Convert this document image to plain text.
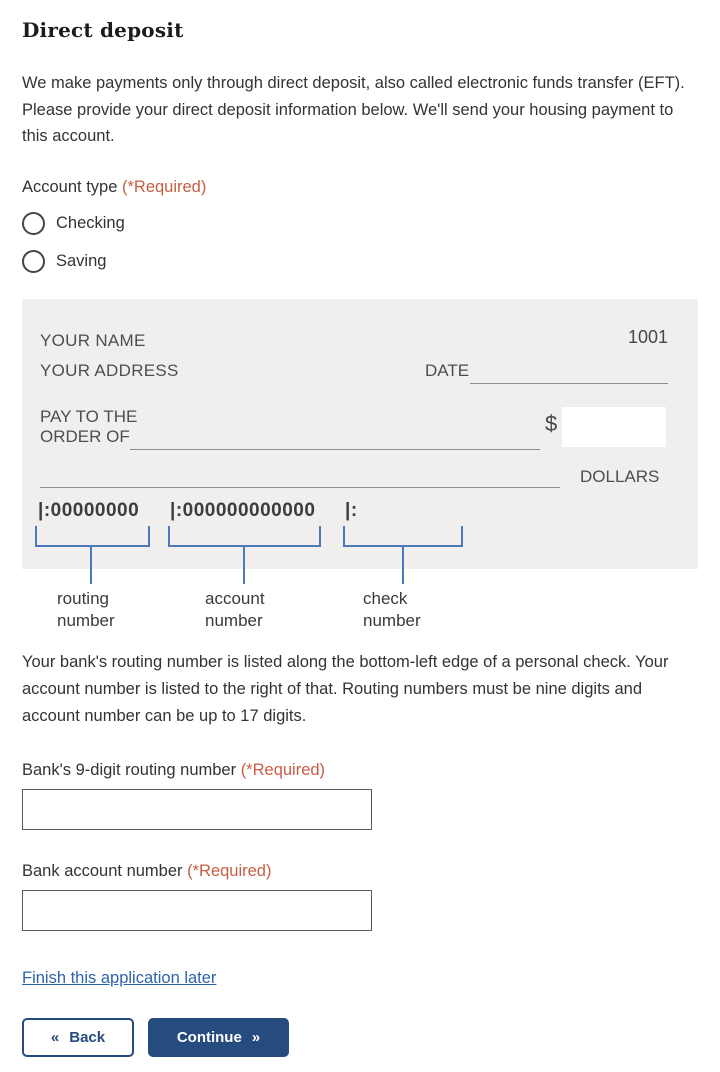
Direct deposit

We make payments only through direct deposit, also called electronic funds transfer (EFT). Please provide your direct deposit information below. We'll send your housing payment to this account.

Account type (*Required)
Checking
Saving
YOUR NAME
YOUR ADDRESS
1001
DATE
PAY TO THE
ORDER OF
$
DOLLARS
|:00000000 |:000000000000 |:
routing
number
account
number
check
number

Your bank's routing number is listed along the bottom-left edge of a personal check. Your account number is listed to the right of that. Routing numbers must be nine digits and account number can be up to 17 digits.

Bank's 9-digit routing number (*Required)
Bank account number (*Required)
Finish this application later
« Back	Continue »
